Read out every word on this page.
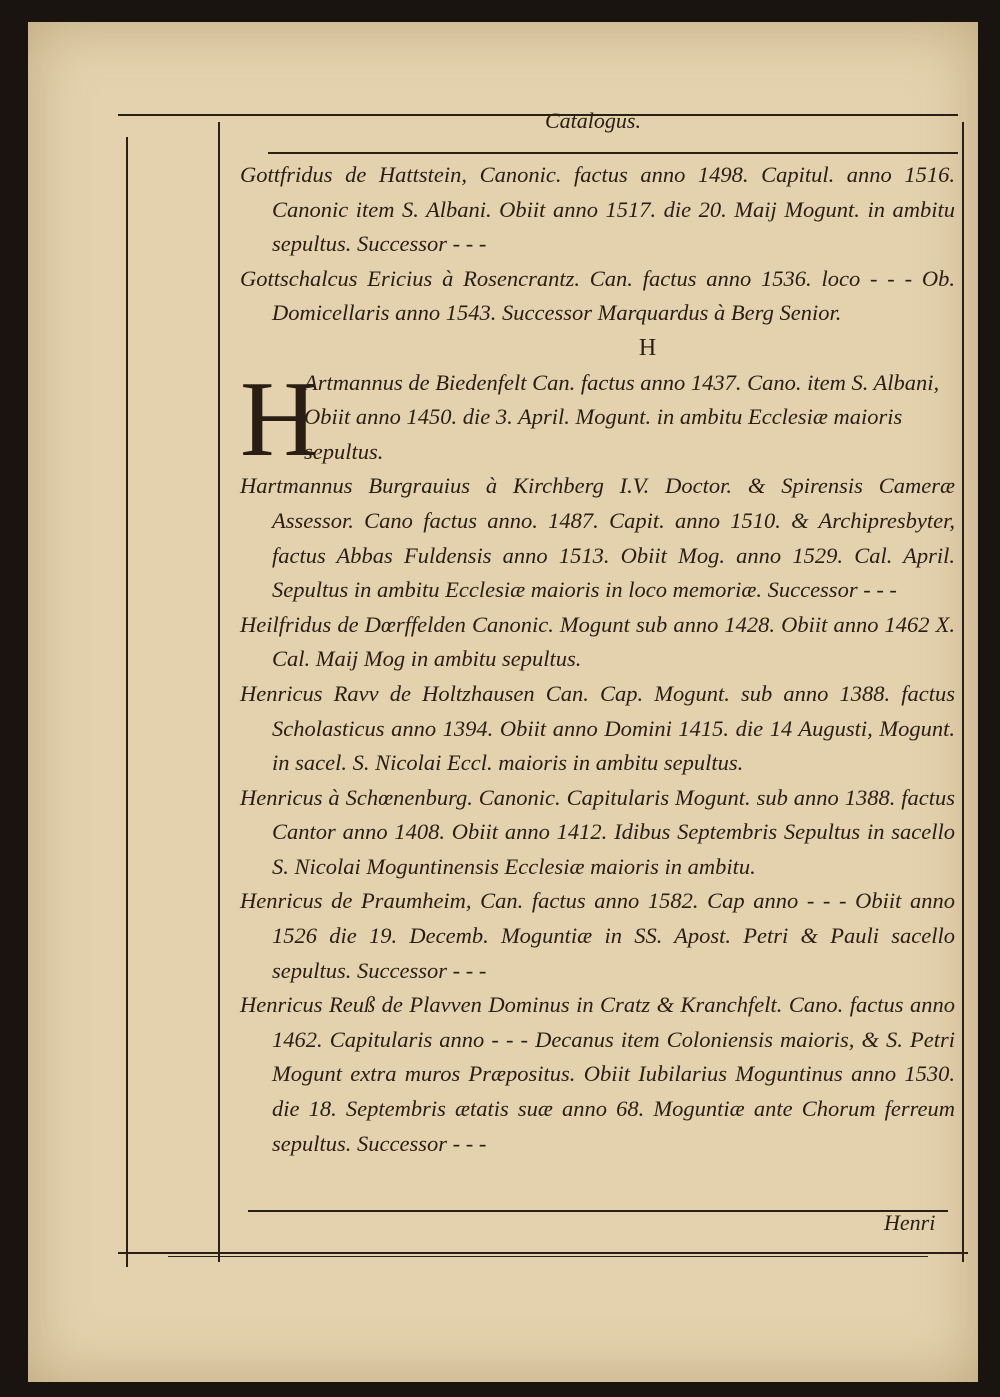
Catalogus.

Gottfridus de Hattstein, Canonic. factus anno 1498. Capitul. anno 1516. Canonic item S. Albani. Obiit anno 1517. die 20. Maij Mogunt. in ambitu sepultus. Successor - - -

Gottschalcus Ericius à Rosencrantz. Can. factus anno 1536. loco - - - Ob. Domicellaris anno 1543. Successor Marquardus à Berg Senior.

H
H
Artmannus de Biedenfelt Can. factus anno 1437. Cano. item S. Albani, Obiit anno 1450. die 3. April. Mogunt. in ambitu Ecclesiæ maioris sepultus.

Hartmannus Burgrauius à Kirchberg I.V. Doctor. & Spirensis Cameræ Assessor. Cano factus anno. 1487. Capit. anno 1510. & Archipresbyter, factus Abbas Fuldensis anno 1513. Obiit Mog. anno 1529. Cal. April. Sepultus in ambitu Ecclesiæ maioris in loco memoriæ. Successor - - -

Heilfridus de Dœrffelden Canonic. Mogunt sub anno 1428. Obiit anno 1462 X. Cal. Maij Mog in ambitu sepultus.

Henricus Ravv de Holtzhausen Can. Cap. Mogunt. sub anno 1388. factus Scholasticus anno 1394. Obiit anno Domini 1415. die 14 Augusti, Mogunt. in sacel. S. Nicolai Eccl. maioris in ambitu sepultus.

Henricus à Schœnenburg. Canonic. Capitularis Mogunt. sub anno 1388. factus Cantor anno 1408. Obiit anno 1412. Idibus Septembris Sepultus in sacello S. Nicolai Moguntinensis Ecclesiæ maioris in ambitu.

Henricus de Praumheim, Can. factus anno 1582. Cap anno - - - Obiit anno 1526 die 19. Decemb. Moguntiæ in SS. Apost. Petri & Pauli sacello sepultus. Successor - - -

Henricus Reuß de Plavven Dominus in Cratz & Kranchfelt. Cano. factus anno 1462. Capitularis anno - - - Decanus item Coloniensis maioris, & S. Petri Mogunt extra muros Præpositus. Obiit Iubilarius Moguntinus anno 1530. die 18. Septembris ætatis suæ anno 68. Moguntiæ ante Chorum ferreum sepultus. Successor - - -

Henri
